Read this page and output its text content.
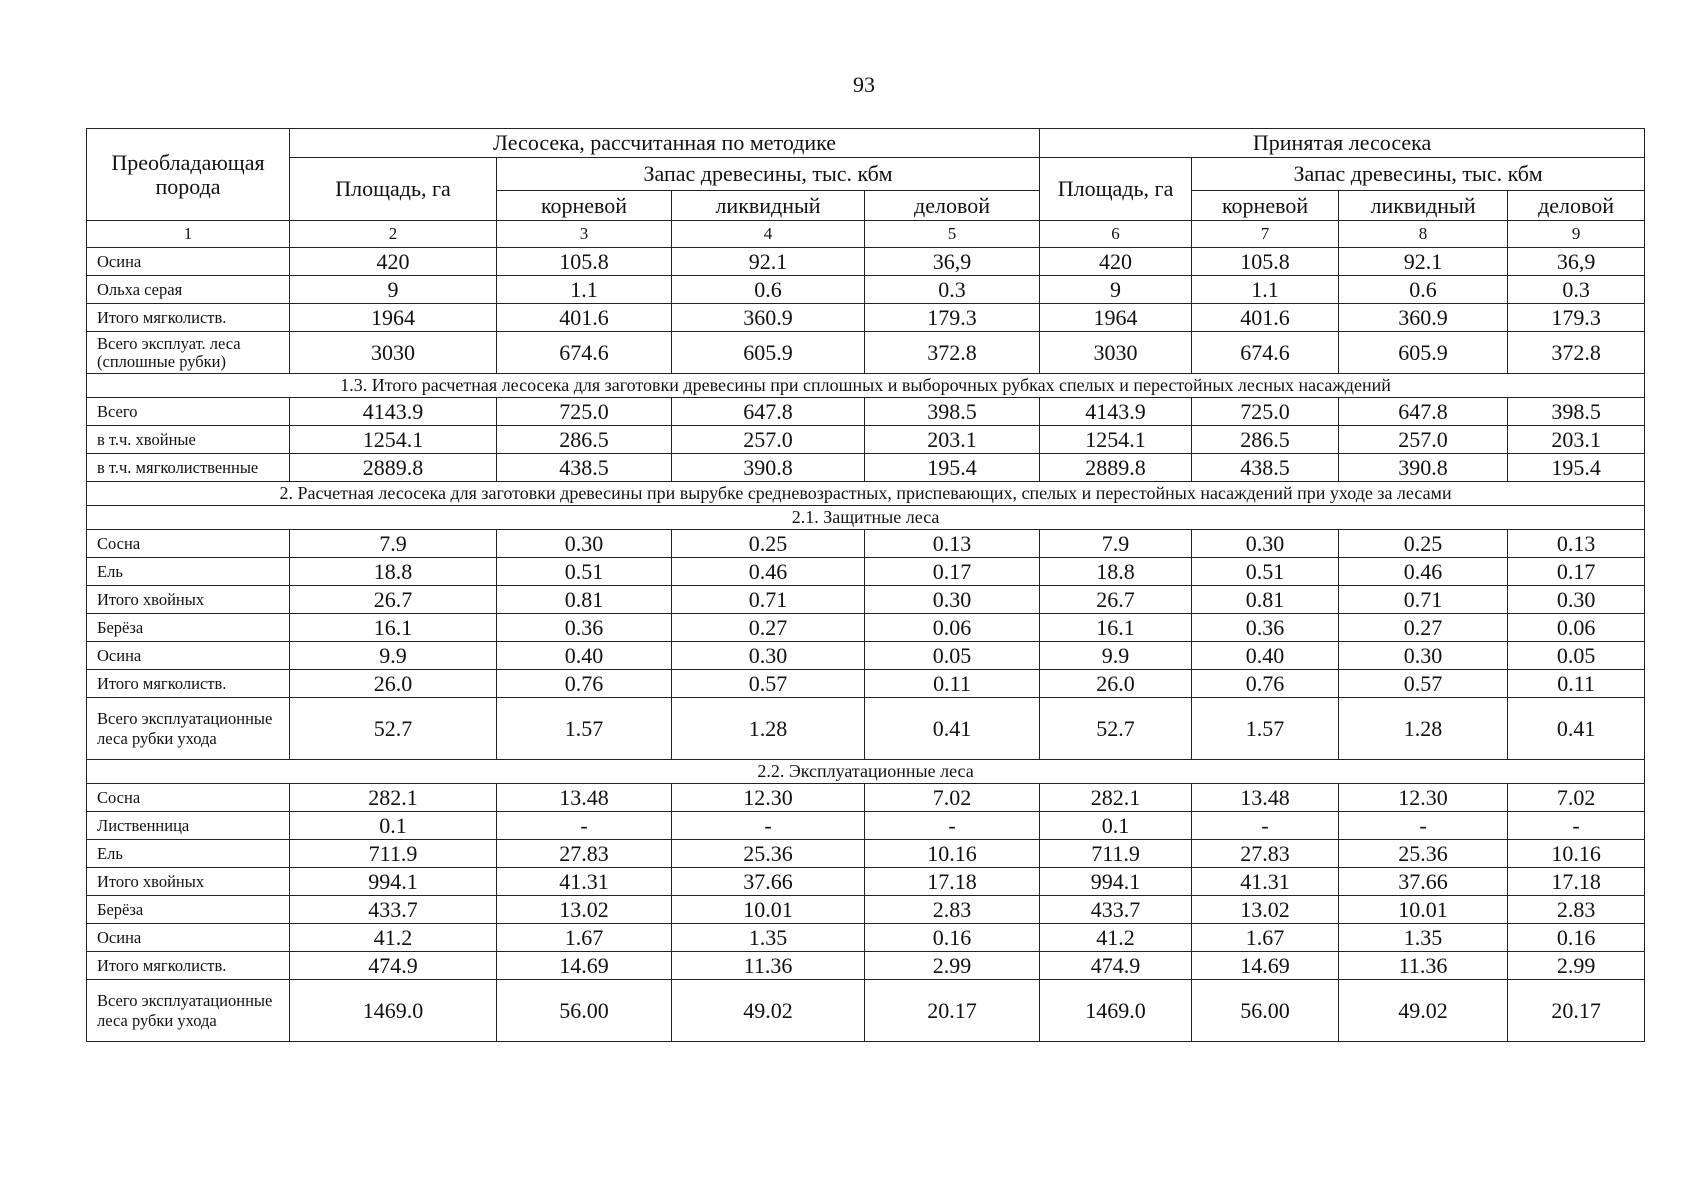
93
Преобладающая порода	Лесосека, рассчитанная по методике				Принятая лесосека			
	Площадь, га	Запас древесины, тыс. кбм			Площадь, га	Запас древесины, тыс. кбм		
		корневой	ликвидный	деловой		корневой	ликвидный	деловой
1	2	3	4	5	6	7	8	9
Осина	420	105.8	92.1	36,9	420	105.8	92.1	36,9
Ольха серая	9	1.1	0.6	0.3	9	1.1	0.6	0.3
Итого мягколиств.	1964	401.6	360.9	179.3	1964	401.6	360.9	179.3
Всего эксплуат. леса (сплошные рубки)	3030	674.6	605.9	372.8	3030	674.6	605.9	372.8
1.3. Итого расчетная лесосека для заготовки древесины при сплошных и выборочных рубках спелых и перестойных лесных насаждений								
Всего	4143.9	725.0	647.8	398.5	4143.9	725.0	647.8	398.5
в т.ч. хвойные	1254.1	286.5	257.0	203.1	1254.1	286.5	257.0	203.1
в т.ч. мягколиственные	2889.8	438.5	390.8	195.4	2889.8	438.5	390.8	195.4
2. Расчетная лесосека для заготовки древесины при вырубке средневозрастных, приспевающих, спелых и перестойных насаждений при уходе за лесами								
2.1. Защитные леса								
Сосна	7.9	0.30	0.25	0.13	7.9	0.30	0.25	0.13
Ель	18.8	0.51	0.46	0.17	18.8	0.51	0.46	0.17
Итого хвойных	26.7	0.81	0.71	0.30	26.7	0.81	0.71	0.30
Берёза	16.1	0.36	0.27	0.06	16.1	0.36	0.27	0.06
Осина	9.9	0.40	0.30	0.05	9.9	0.40	0.30	0.05
Итого мягколиств.	26.0	0.76	0.57	0.11	26.0	0.76	0.57	0.11
Всего эксплуатационные леса рубки ухода	52.7	1.57	1.28	0.41	52.7	1.57	1.28	0.41
2.2. Эксплуатационные леса								
Сосна	282.1	13.48	12.30	7.02	282.1	13.48	12.30	7.02
Лиственница	0.1	-	-	-	0.1	-	-	-
Ель	711.9	27.83	25.36	10.16	711.9	27.83	25.36	10.16
Итого хвойных	994.1	41.31	37.66	17.18	994.1	41.31	37.66	17.18
Берёза	433.7	13.02	10.01	2.83	433.7	13.02	10.01	2.83
Осина	41.2	1.67	1.35	0.16	41.2	1.67	1.35	0.16
Итого мягколиств.	474.9	14.69	11.36	2.99	474.9	14.69	11.36	2.99
Всего эксплуатационные леса рубки ухода	1469.0	56.00	49.02	20.17	1469.0	56.00	49.02	20.17
